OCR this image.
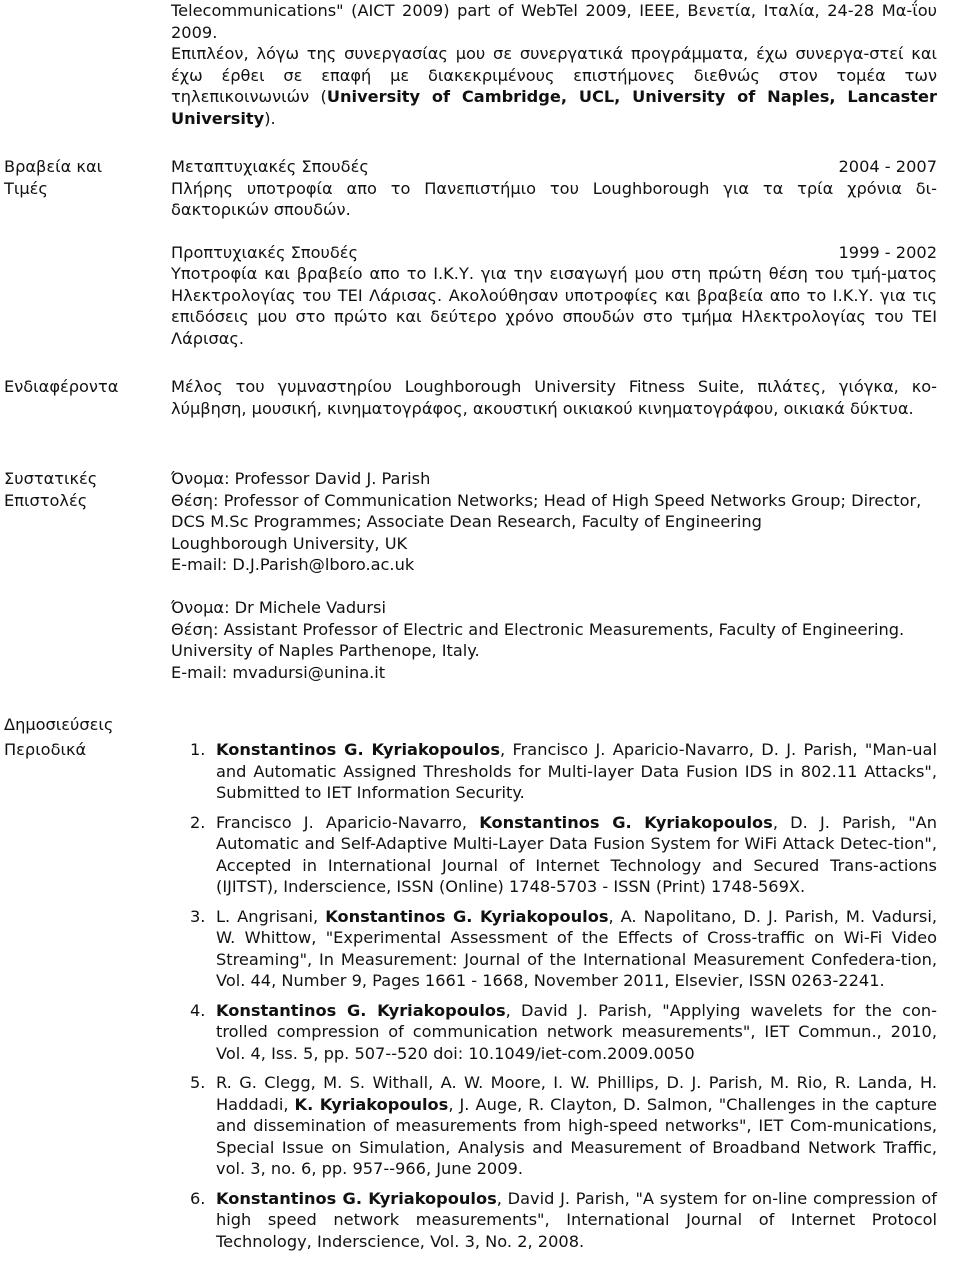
Telecommunications" (AICT 2009) part of WebTel 2009, IEEE, Βενετία, Ιταλία, 24-28 Μα-ΐου 2009.

Επιπλέον, λόγω της συνεργασίας μου σε συνεργατικά προγράμματα, έχω συνεργα-στεί και έχω έρθει σε επαφή με διακεκριμένους επιστήμονες διεθνώς στον τομέα των τηλεπικοινωνιών (University of Cambridge, UCL, University of Naples, Lancaster University).

Βραβεία και
Τιμές
Μεταπτυχιακές Σπουδές	2004 - 2007

Πλήρης υποτροφία απο το Πανεπιστήμιο του Loughborough για τα τρία χρόνια δι-δακτορικών σπουδών.

Προπτυχιακές Σπουδές	1999 - 2002

Υποτροφία και βραβείο απο το Ι.Κ.Υ. για την εισαγωγή μου στη πρώτη θέση του τμή-ματος Ηλεκτρολογίας του ΤΕΙ Λάρισας. Ακολούθησαν υποτροφίες και βραβεία απο το Ι.Κ.Υ. για τις επιδόσεις μου στο πρώτο και δεύτερο χρόνο σπουδών στο τμήμα Ηλεκτρολογίας του ΤΕΙ Λάρισας.

Ενδιαφέροντα	Μέλος του γυμναστηρίου Loughborough University Fitness Suite, πιλάτες, γιόγκα, κο-λύμβηση, μουσική, κινηματογράφος, ακουστική οικιακού κινηματογράφου, οικιακά δύκτυα.
Συστατικές
Επιστολές
Όνομα: Professor David J. Parish
Θέση: Professor of Communication Networks; Head of High Speed Networks Group; Director, DCS M.Sc Programmes; Associate Dean Research, Faculty of Engineering
Loughborough University, UK
E-mail: D.J.Parish@lboro.ac.uk
Όνομα: Dr Michele Vadursi
Θέση: Assistant Professor of Electric and Electronic Measurements, Faculty of Engineering.
University of Naples Parthenope, Italy.
E-mail: mvadursi@unina.it
Δημοσιεύσεις
Περιοδικά	1. Konstantinos G. Kyriakopoulos, Francisco J. Aparicio-Navarro, D. J. Parish, "Man-ual and Automatic Assigned Thresholds for Multi-layer Data Fusion IDS in 802.11 Attacks", Submitted to IET Information Security.
2. Francisco J. Aparicio-Navarro, Konstantinos G. Kyriakopoulos, D. J. Parish, "An Automatic and Self-Adaptive Multi-Layer Data Fusion System for WiFi Attack Detec-tion", Accepted in International Journal of Internet Technology and Secured Trans-actions (IJITST), Inderscience, ISSN (Online) 1748-5703 - ISSN (Print) 1748-569X.
3. L. Angrisani, Konstantinos G. Kyriakopoulos, A. Napolitano, D. J. Parish, M. Vadursi, W. Whittow, "Experimental Assessment of the Effects of Cross-traffic on Wi-Fi Video Streaming", In Measurement: Journal of the International Measurement Confedera-tion, Vol. 44, Number 9, Pages 1661 - 1668, November 2011, Elsevier, ISSN 0263-2241.
4. Konstantinos G. Kyriakopoulos, David J. Parish, "Applying wavelets for the con-trolled compression of communication network measurements", IET Commun., 2010, Vol. 4, Iss. 5, pp. 507--520 doi: 10.1049/iet-com.2009.0050
5. R. G. Clegg, M. S. Withall, A. W. Moore, I. W. Phillips, D. J. Parish, M. Rio, R. Landa, H. Haddadi, K. Kyriakopoulos, J. Auge, R. Clayton, D. Salmon, "Challenges in the capture and dissemination of measurements from high-speed networks", IET Com-munications, Special Issue on Simulation, Analysis and Measurement of Broadband Network Traffic, vol. 3, no. 6, pp. 957--966, June 2009.
6. Konstantinos G. Kyriakopoulos, David J. Parish, "A system for on-line compression of high speed network measurements", International Journal of Internet Protocol Technology, Inderscience, Vol. 3, No. 2, 2008.
